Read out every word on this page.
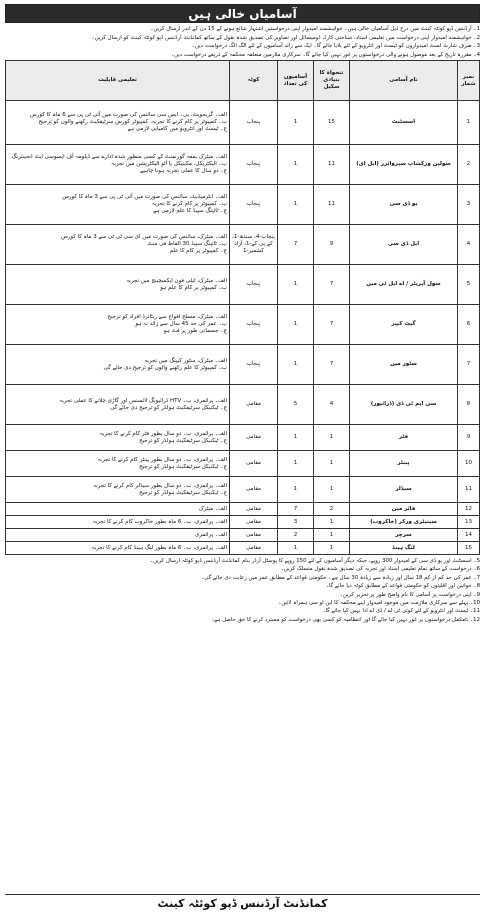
آسامیاں خالی ہیں

1۔ آرڈننس ڈپو کوئٹہ کینٹ میں درج ذیل آسامیاں خالی ہیں۔ خواہشمند امیدوار اپنی درخواستیں اشتہار شائع ہونے کے 15 دن کے اندر ارسال کریں۔

2۔ خواہشمند امیدوار اپنی درخواست میں تعلیمی اسناد، شناختی کارڈ، ڈومیسائل اور تصاویر کی تصدیق شدہ نقول کے ساتھ کمانڈنٹ آرڈننس ڈپو کوئٹہ کینٹ کو ارسال کریں۔

3۔ صرف شارٹ لسٹ امیدواروں کو ٹیسٹ اور انٹرویو کے لئے بلایا جائے گا۔ ایک سے زائد آسامیوں کے لئے الگ الگ درخواست دیں۔

4۔ مقررہ تاریخ کے بعد موصول ہونے والی درخواستوں پر غور نہیں کیا جائے گا۔ سرکاری ملازمین متعلقہ محکمہ کے ذریعے درخواست دیں۔

نمبر شمار	نام آسامی	تنخواہ کا بنیادی سکیل	آسامیوں کی تعداد	کوٹہ	تعلیمی قابلیت
1	اسسٹنٹ	15	1	پنجاب	الف۔ گریجویٹ، بی۔ ایس سی سائنس کی صورت میں آئی ٹی پی سے 6 ماہ کا کورس
ب۔ کمپیوٹر پر کام کرنے کا تجربہ، کمپیوٹر کورس سرٹیفکیٹ رکھنے والوں کو ترجیح
ج۔ ٹیسٹ اور انٹرویو میں کامیابی لازمی ہے

2	سولین ورکشاپ سپروائزر (ایل ای)	11	1	پنجاب	الف۔ میٹرک بمعہ گورنمنٹ کے کسی منظور شدہ ادارے سے ڈپلومہ آف ایسوسی ایٹ انجینئرنگ
ب۔ الیکٹریکل، مکینیکل یا آٹو الیکٹریشن میں تجربہ
ج۔ دو سال کا عملی تجربہ ہونا چاہیے

3	یو ڈی سی	11	1	پنجاب	الف۔ انٹرمیڈیٹ، سائنس کی صورت میں آئی ٹی پی سے 3 ماہ کا کورس
ب۔ کمپیوٹر پر کام کرنے کا تجربہ
ج۔ ٹائپنگ سپیڈ کا علم لازمی ہے

4	ایل ڈی سی	9	7	پنجاب-4، سندھ-1، کے پی کے-1، آزاد کشمیر-1	الف۔ میٹرک، سائنس کی صورت میں ای سی ٹی ٹی سے 3 ماہ کا کورس
ب۔ ٹائپنگ سپیڈ 30 الفاظ فی منٹ
ج۔ کمپیوٹر پر کام کا علم

5	سول آپریٹر / اے ایل ٹی مین	7	1	پنجاب	الف۔ میٹرک، ٹیلی فون ایکسچینج میں تجربہ
ب۔ کمپیوٹر پر کام کا علم ہو

6	گیٹ کیپر	7	1	پنجاب	الف۔ میٹرک، مسلح افواج سے ریٹائرڈ افراد کو ترجیح
ب۔ عمر کی حد 45 سال سے زائد نہ ہو
ج۔ جسمانی طور پر فٹ ہو

7	سٹور مین	7	1	پنجاب	الف۔ میٹرک، سٹور کیپنگ میں تجربہ
ب۔ کمپیوٹر کا علم رکھنے والوں کو ترجیح دی جائے گی

8	سی ایم ٹی ڈی (ڈرائیور)	4	5	مقامی	الف۔ پرائمری، ب۔ HTV ڈرائیونگ لائسنس اور گاڑی چلانے کا عملی تجربہ
ج۔ ٹیکنیکل سرٹیفکیٹ ہولڈر کو ترجیح دی جائے گی

9	فٹر	1	1	مقامی	الف۔ پرائمری، ب۔ دو سال بطور فٹر کام کرنے کا تجربہ
ج۔ ٹیکنیکل سرٹیفکیٹ ہولڈر کو ترجیح

10	پینٹر	1	1	مقامی	الف۔ پرائمری، ب۔ دو سال بطور پینٹر کام کرنے کا تجربہ
ج۔ ٹیکنیکل سرٹیفکیٹ ہولڈر کو ترجیح

11	سیڈلر	1	1	مقامی	الف۔ پرائمری، ب۔ دو سال بطور سیڈلر کام کرنے کا تجربہ
ج۔ ٹیکنیکل سرٹیفکیٹ ہولڈر کو ترجیح

12	فائر مین	2	7	مقامی	الف۔ میٹرک

13	سینیٹری ورکر (خاکروب)	1	3	مقامی	الف۔ پرائمری، ب۔ 6 ماہ بطور خاکروب کام کرنے کا تجربہ

14	سرچر	1	2	مقامی	الف۔ پرائمری

15	لنگ ہینڈ	1	1	مقامی	الف۔ پرائمری، ب۔ 6 ماہ بطور لنگ ہینڈ کام کرنے کا تجربہ

5۔ اسسٹنٹ اور یو ڈی سی کے امیدوار 300 روپے، جبکہ دیگر آسامیوں کے لئے 150 روپے کا پوسٹل آرڈر بنام کمانڈنٹ آرڈننس ڈپو کوئٹہ ارسال کریں۔

6۔ درخواست کے ساتھ تمام تعلیمی اسناد اور تجربہ کی تصدیق شدہ نقول منسلک کریں۔

7۔ عمر کی حد کم از کم 18 سال اور زیادہ سے زیادہ 30 سال ہے۔ حکومتی قواعد کے مطابق عمر میں رعایت دی جائے گی۔

8۔ خواتین اور اقلیتوں کو حکومتی قواعد کے مطابق کوٹہ دیا جائے گا۔

9۔ اپنی درخواست پر آسامی کا نام واضح طور پر تحریر کریں۔

10۔ پہلے سے سرکاری ملازمت میں موجود امیدوار اپنے محکمہ کا این او سی ہمراہ لائیں۔

11۔ ٹیسٹ اور انٹرویو کے لئے کوئی ٹی اے / ڈی اے ادا نہیں کیا جائے گا۔

12۔ نامکمل درخواستوں پر غور نہیں کیا جائے گا اور انتظامیہ کو کسی بھی درخواست کو مسترد کرنے کا حق حاصل ہے۔

کمانڈنٹ آرڈننس ڈپو کوئٹہ کینٹ
